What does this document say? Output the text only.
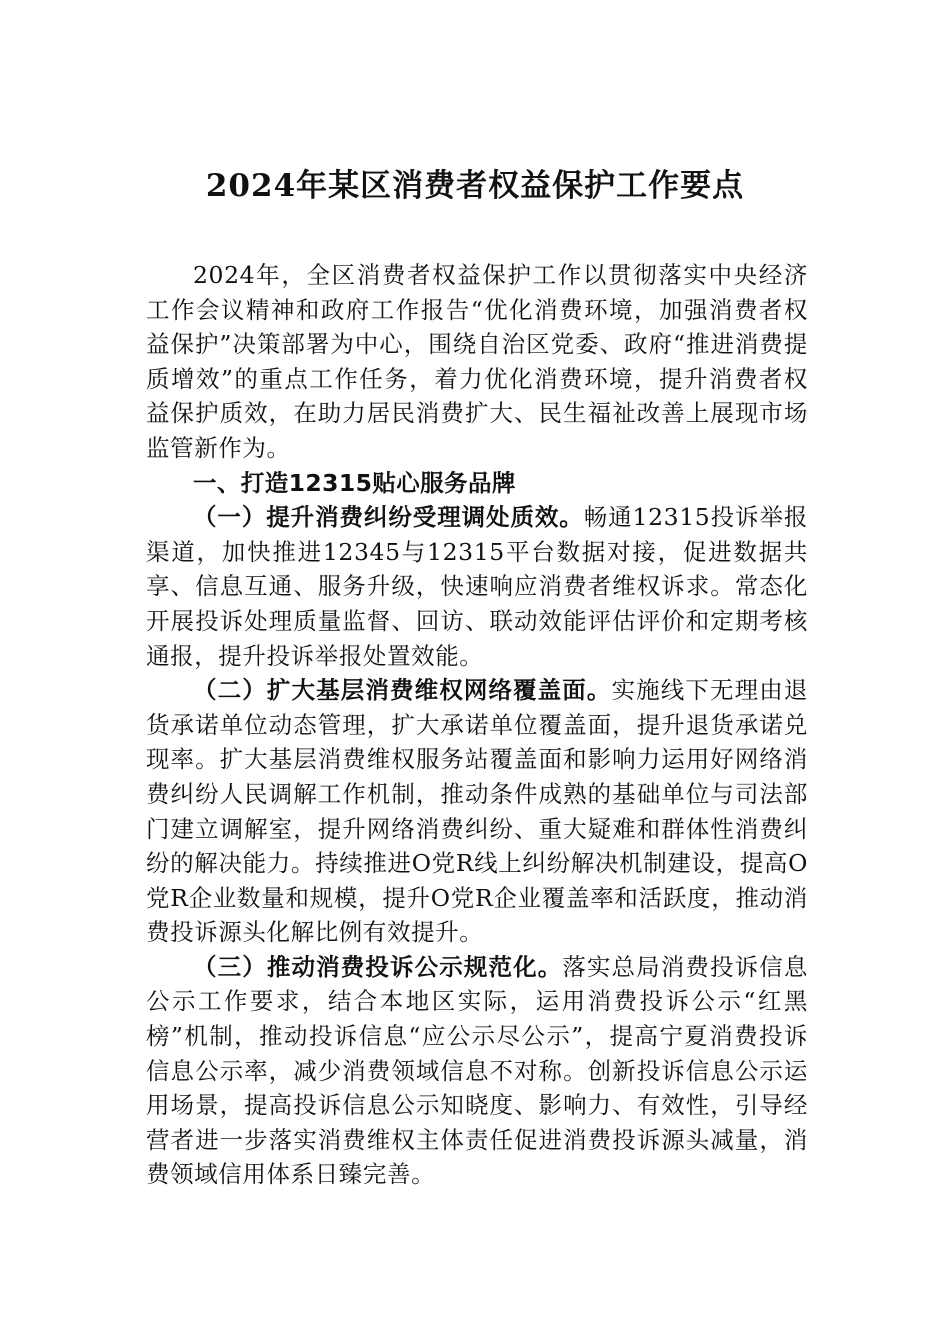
2024年某区消费者权益保护工作要点

2024年，全区消费者权益保护工作以贯彻落实中央经济工作会议精神和政府工作报告“优化消费环境，加强消费者权益保护”决策部署为中心，围绕自治区党委、政府“推进消费提质增效”的重点工作任务，着力优化消费环境，提升消费者权益保护质效，在助力居民消费扩大、民生福祉改善上展现市场监管新作为。

一、打造12315贴心服务品牌

（一）提升消费纠纷受理调处质效。畅通12315投诉举报渠道，加快推进12345与12315平台数据对接，促进数据共享、信息互通、服务升级，快速响应消费者维权诉求。常态化开展投诉处理质量监督、回访、联动效能评估评价和定期考核通报，提升投诉举报处置效能。

（二）扩大基层消费维权网络覆盖面。实施线下无理由退货承诺单位动态管理，扩大承诺单位覆盖面，提升退货承诺兑现率。扩大基层消费维权服务站覆盖面和影响力运用好网络消费纠纷人民调解工作机制，推动条件成熟的基础单位与司法部门建立调解室，提升网络消费纠纷、重大疑难和群体性消费纠纷的解决能力。持续推进O党R线上纠纷解决机制建设，提高O党R企业数量和规模，提升O党R企业覆盖率和活跃度，推动消费投诉源头化解比例有效提升。

（三）推动消费投诉公示规范化。落实总局消费投诉信息公示工作要求，结合本地区实际，运用消费投诉公示“红黑榜”机制，推动投诉信息“应公示尽公示”，提高宁夏消费投诉信息公示率，减少消费领域信息不对称。创新投诉信息公示运用场景，提高投诉信息公示知晓度、影响力、有效性，引导经营者进一步落实消费维权主体责任促进消费投诉源头减量，消费领域信用体系日臻完善。
